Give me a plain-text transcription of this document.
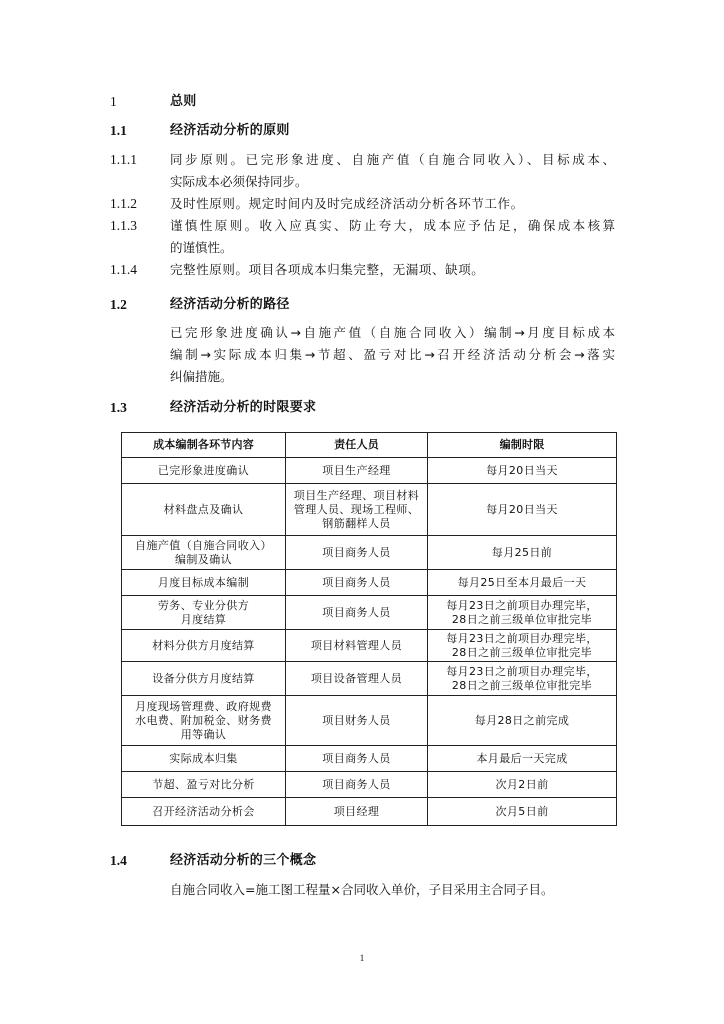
1	总则
1.1	经济活动分析的原则
1.1.1	同步原则。已完形象进度、自施产值（自施合同收入）、目标成本、
实际成本必须保持同步。
1.1.2	及时性原则。规定时间内及时完成经济活动分析各环节工作。
1.1.3	谨慎性原则。收入应真实、防止夸大，成本应予估足，确保成本核算
的谨慎性。
1.1.4	完整性原则。项目各项成本归集完整，无漏项、缺项。
1.2	经济活动分析的路径
已完形象进度确认→自施产值（自施合同收入）编制→月度目标成本
编制→实际成本归集→节超、盈亏对比→召开经济活动分析会→落实
纠偏措施。
1.3	经济活动分析的时限要求
成本编制各环节内容	责任人员	编制时限
已完形象进度确认	项目生产经理	每月20日当天
材料盘点及确认	项目生产经理、项目材料
管理人员、现场工程师、
钢筋翻样人员	每月20日当天
自施产值（自施合同收入）
编制及确认	项目商务人员	每月25日前
月度目标成本编制	项目商务人员	每月25日至本月最后一天
劳务、专业分供方
月度结算	项目商务人员	每月23日之前项目办理完毕，
28日之前三级单位审批完毕
材料分供方月度结算	项目材料管理人员	每月23日之前项目办理完毕，
28日之前三级单位审批完毕
设备分供方月度结算	项目设备管理人员	每月23日之前项目办理完毕，
28日之前三级单位审批完毕
月度现场管理费、政府规费
水电费、附加税金、财务费
用等确认	项目财务人员	每月28日之前完成
实际成本归集	项目商务人员	本月最后一天完成
节超、盈亏对比分析	项目商务人员	次月2日前
召开经济活动分析会	项目经理	次月5日前
1.4	经济活动分析的三个概念
自施合同收入=施工图工程量×合同收入单价，子目采用主合同子目。
1
